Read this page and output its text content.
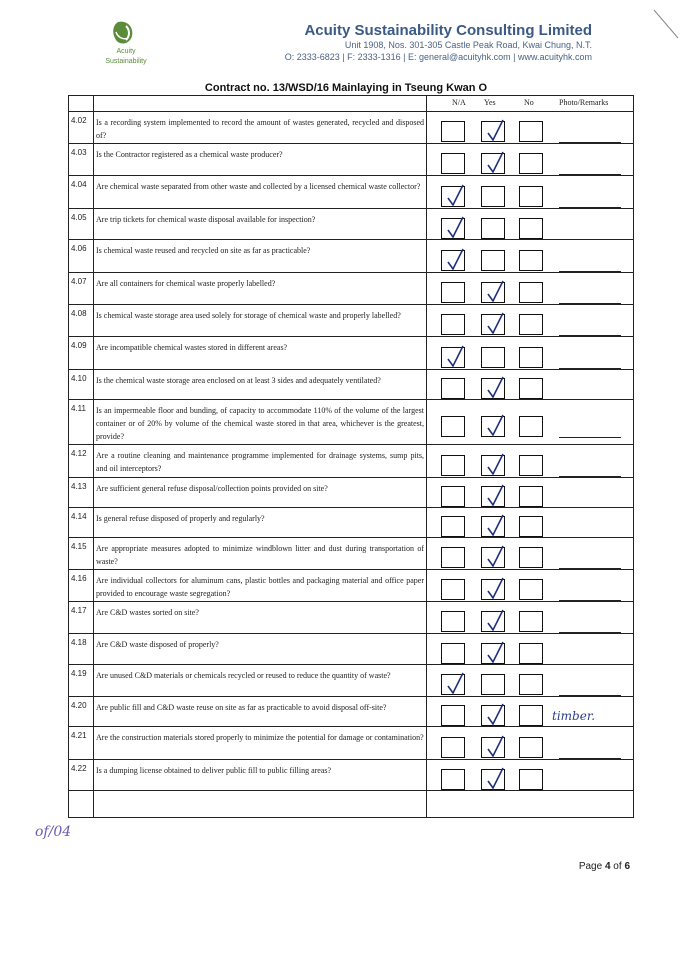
Acuity
Sustainability
Acuity Sustainability Consulting Limited
Unit 1908, Nos. 301-305 Castle Peak Road, Kwai Chung, N.T.
O: 2333-6823 | F: 2333-1316 | E: general@acuityhk.com | www.acuityhk.com
Contract no. 13/WSD/16 Mainlaying in Tseung Kwan O
N/A Yes	No	Photo/Remarks
4.02 Is a recording system implemented to record the amount of wastes generated, recycled and disposed of?
4.03 Is the Contractor registered as a chemical waste producer?
4.04 Are chemical waste separated from other waste and collected by a licensed chemical waste collector?
4.05 Are trip tickets for chemical waste disposal available for inspection?
4.06 Is chemical waste reused and recycled on site as far as practicable?
4.07 Are all containers for chemical waste properly labelled?
4.08 Is chemical waste storage area used solely for storage of chemical waste and properly labelled?
4.09 Are incompatible chemical wastes stored in different areas?
4.10 Is the chemical waste storage area enclosed on at least 3 sides and adequately ventilated?
4.11 Is an impermeable floor and bunding, of capacity to accommodate 110% of the volume of the largest container or of 20% by volume of the chemical waste stored in that area, whichever is the greatest, provide?
4.12 Are a routine cleaning and maintenance programme implemented for drainage systems, sump pits, and oil interceptors?
4.13 Are sufficient general refuse disposal/collection points provided on site?
4.14 Is general refuse disposed of properly and regularly?
4.15 Are appropriate measures adopted to minimize windblown litter and dust during transportation of waste?
4.16 Are individual collectors for aluminum cans, plastic bottles and packaging material and office paper provided to encourage waste segregation?
4.17 Are C&D wastes sorted on site?
4.18 Are C&D waste disposed of properly?
4.19 Are unused C&D materials or chemicals recycled or reused to reduce the quantity of waste?
4.20 Are public fill and C&D waste reuse on site as far as practicable to avoid disposal off-site?
timber.
4.21 Are the construction materials stored properly to minimize the potential for damage or contamination?
4.22 Is a dumping license obtained to deliver public fill to public filling areas?
of/04
Page 4 of 6
